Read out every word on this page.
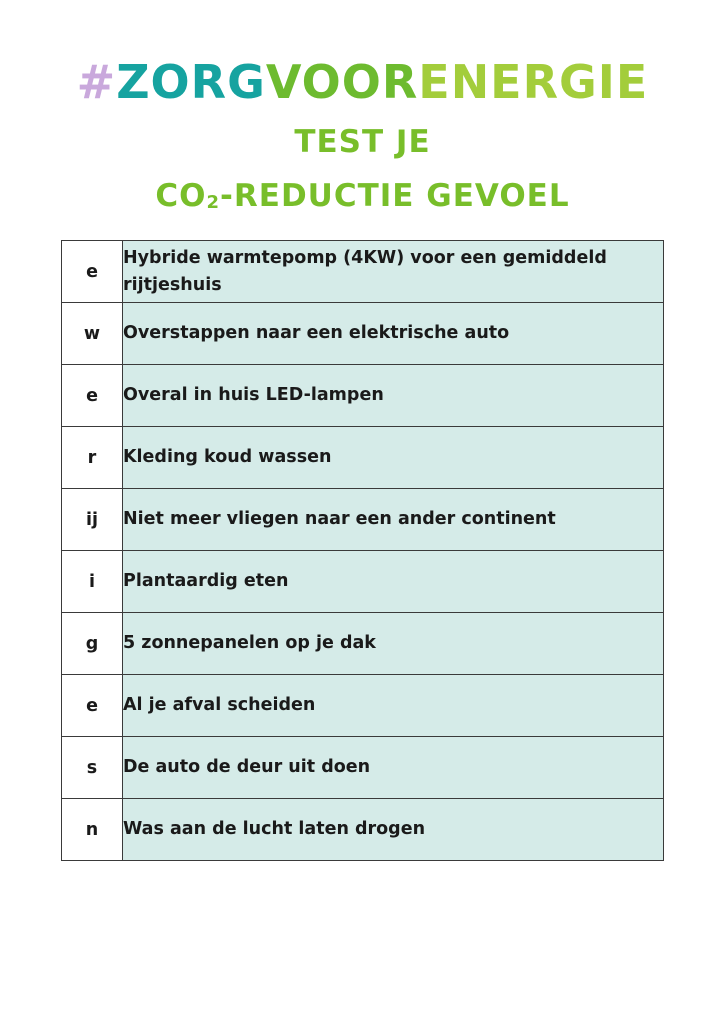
#ZORGVOORENERGIE
TEST JE
CO2-REDUCTIE GEVOEL
e	Hybride warmtepomp (4KW) voor een gemiddeld rijtjeshuis
w	Overstappen naar een elektrische auto
e	Overal in huis LED-lampen
r	Kleding koud wassen
ij	Niet meer vliegen naar een ander continent
i	Plantaardig eten
g	5 zonnepanelen op je dak
e	Al je afval scheiden
s	De auto de deur uit doen
n	Was aan de lucht laten drogen
